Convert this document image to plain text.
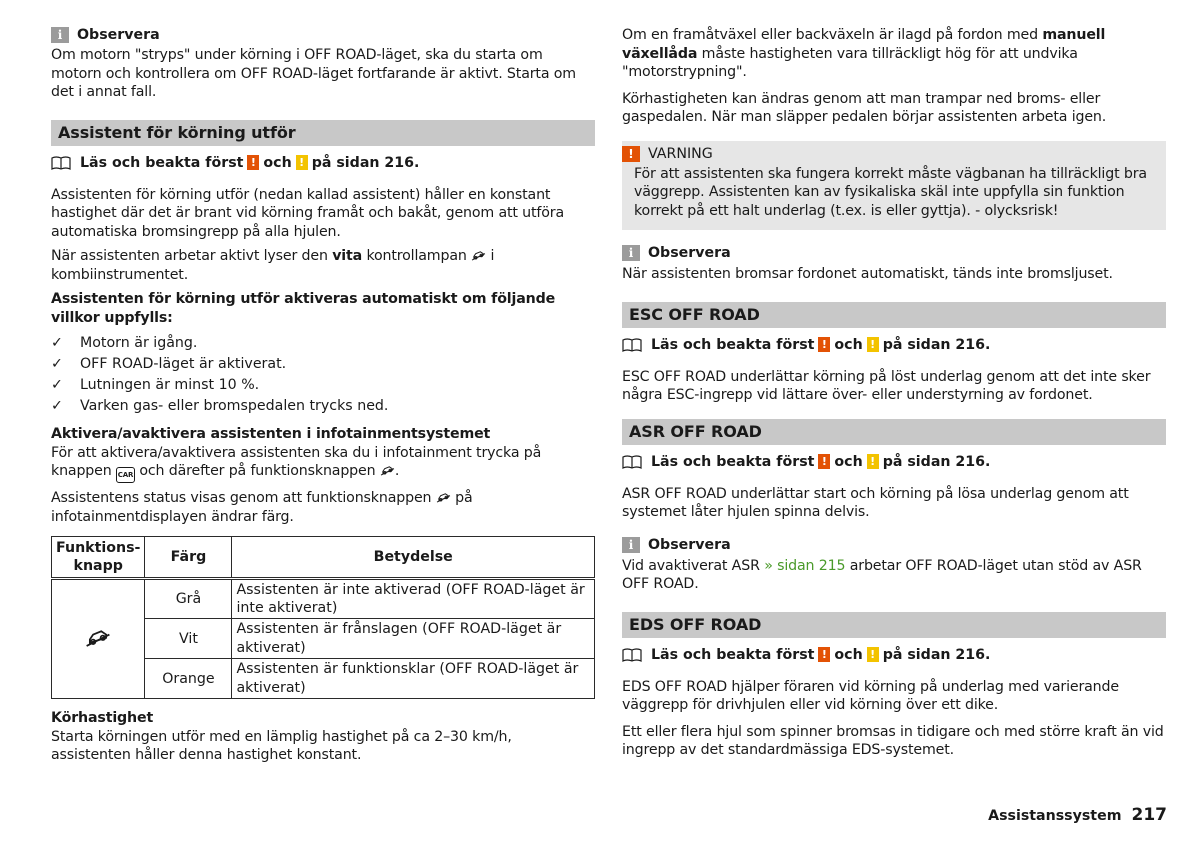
i	Observera

Om motorn "stryps" under körning i OFF ROAD-läget, ska du starta om motorn och kontrollera om OFF ROAD-läget fortfarande är aktivt. Starta om det i annat fall.

Assistent för körning utför
Läs och beakta först ! och ! på sidan 216.

Assistenten för körning utför (nedan kallad assistent) håller en konstant hastighet där det är brant vid körning framåt och bakåt, genom att utföra automatiska bromsingrepp på alla hjulen.

När assistenten arbetar aktivt lyser den vita kontrollampan i kombiinstrumentet.

Assistenten för körning utför aktiveras automatiskt om följande villkor uppfylls:

✓	Motorn är igång.
✓	OFF ROAD-läget är aktiverat.
✓	Lutningen är minst 10 %.
✓	Varken gas- eller bromspedalen trycks ned.

Aktivera/avaktivera assistenten i infotainmentsystemet

För att aktivera/avaktivera assistenten ska du i infotainment trycka på knappen CAR och därefter på funktionsknappen .

Assistentens status visas genom att funktionsknappen på infotainmentdisplayen ändrar färg.

Funktions-knapp	Färg	Betydelse
	Grå	Assistenten är inte aktiverad (OFF ROAD-läget är inte aktiverat)
	Vit	Assistenten är frånslagen (OFF ROAD-läget är aktiverat)
	Orange	Assistenten är funktionsklar (OFF ROAD-läget är aktiverat)

Körhastighet

Starta körningen utför med en lämplig hastighet på ca 2–30 km/h, assistenten håller denna hastighet konstant.

Om en framåtväxel eller backväxeln är ilagd på fordon med manuell växellåda måste hastigheten vara tillräckligt hög för att undvika "motorstrypning".

Körhastigheten kan ändras genom att man trampar ned broms- eller gaspedalen. När man släpper pedalen börjar assistenten arbeta igen.

!	VARNING

För att assistenten ska fungera korrekt måste vägbanan ha tillräckligt bra väggrepp. Assistenten kan av fysikaliska skäl inte uppfylla sin funktion korrekt på ett halt underlag (t.ex. is eller gyttja). - olycksrisk!

i	Observera

När assistenten bromsar fordonet automatiskt, tänds inte bromsljuset.

ESC OFF ROAD
Läs och beakta först ! och ! på sidan 216.

ESC OFF ROAD underlättar körning på löst underlag genom att det inte sker några ESC-ingrepp vid lättare över- eller understyrning av fordonet.

ASR OFF ROAD
Läs och beakta först ! och ! på sidan 216.

ASR OFF ROAD underlättar start och körning på lösa underlag genom att systemet låter hjulen spinna delvis.

i	Observera

Vid avaktiverat ASR » sidan 215 arbetar OFF ROAD-läget utan stöd av ASR OFF ROAD.

EDS OFF ROAD
Läs och beakta först ! och ! på sidan 216.

EDS OFF ROAD hjälper föraren vid körning på underlag med varierande väggrepp för drivhjulen eller vid körning över ett dike.

Ett eller flera hjul som spinner bromsas in tidigare och med större kraft än vid ingrepp av det standardmässiga EDS-systemet.

Assistanssystem 217
